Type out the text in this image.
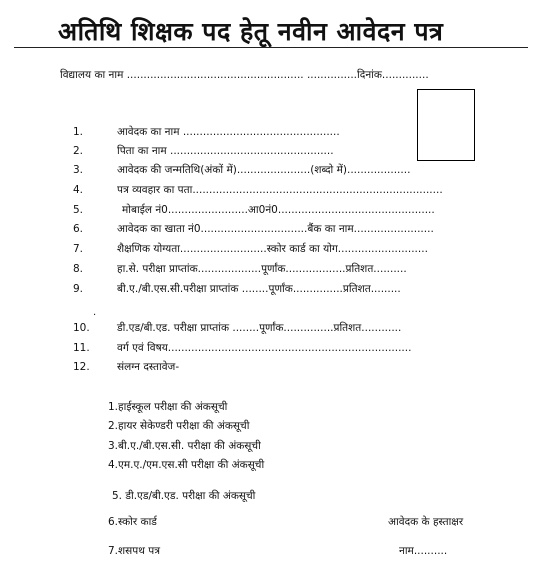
अतिथि शिक्षक पद हेतू नवीन आवेदन पत्र
विद्यालय का नाम ..................................................... ...............दिनांक..............
1.	आवेदक का नाम ...............................................
2.	पिता का नाम .................................................
3.	आवेदक की जन्मतिथि(अंकों में)......................(शब्दो में)...................
4.	पत्र व्यवहार का पता...........................................................................
5.	मोबाईल नं0........................आ0नं0...............................................
6.	आवेदक का खाता नं0................................बैंक का नाम........................
7.	शैक्षणिक योग्यता..........................स्कोर कार्ड का योग...........................
8.	हा.से. परीक्षा प्राप्तांक...................पूर्णांक..................प्रतिशत..........
9.	बी.ए./बी.एस.सी.परीक्षा प्राप्तांक ........पूर्णांक...............प्रतिशत.........
.
10.	डी.एड/बी.एड. परीक्षा प्राप्तांक ........पूर्णांक...............प्रतिशत............
11.	वर्ग एवं विषय.........................................................................
12.	संलग्न दस्तावेज-
1.हाईस्कूल परीक्षा की अंकसूची
2.हायर सेकेण्डरी परीक्षा की अंकसूची
3.बी.ए./बी.एस.सी. परीक्षा की अंकसूची
4.एम.ए./एम.एस.सी परीक्षा की अंकसूची
5. डी.एड/बी.एड. परीक्षा की अंकसूची
6.स्कोर कार्ड
7.शसपथ पत्र
आवेदक के हस्ताक्षर
नाम..........
